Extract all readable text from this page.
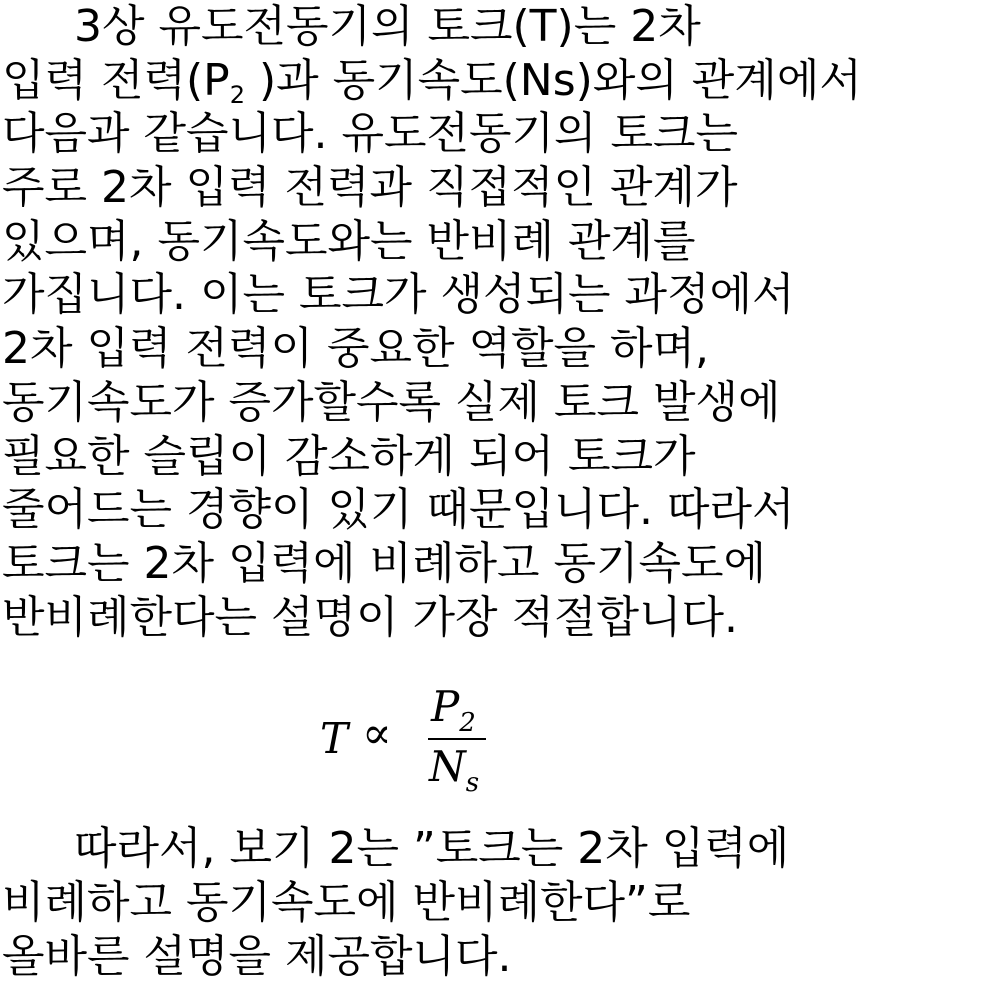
3상 유도전동기의 토크(T)는 2차
입력 전력(P2 )과 동기속도(Ns)와의 관계에서
다음과 같습니다. 유도전동기의 토크는
주로 2차 입력 전력과 직접적인 관계가
있으며, 동기속도와는 반비례 관계를
가집니다. 이는 토크가 생성되는 과정에서
2차 입력 전력이 중요한 역할을 하며,
동기속도가 증가할수록 실제 토크 발생에
필요한 슬립이 감소하게 되어 토크가
줄어드는 경향이 있기 때문입니다. 따라서
토크는 2차 입력에 비례하고 동기속도에
반비례한다는 설명이 가장 적절합니다.
T ∝
$P_2$
$N_s$
따라서, 보기 2는 ”토크는 2차 입력에
비례하고 동기속도에 반비례한다”로
올바른 설명을 제공합니다.
